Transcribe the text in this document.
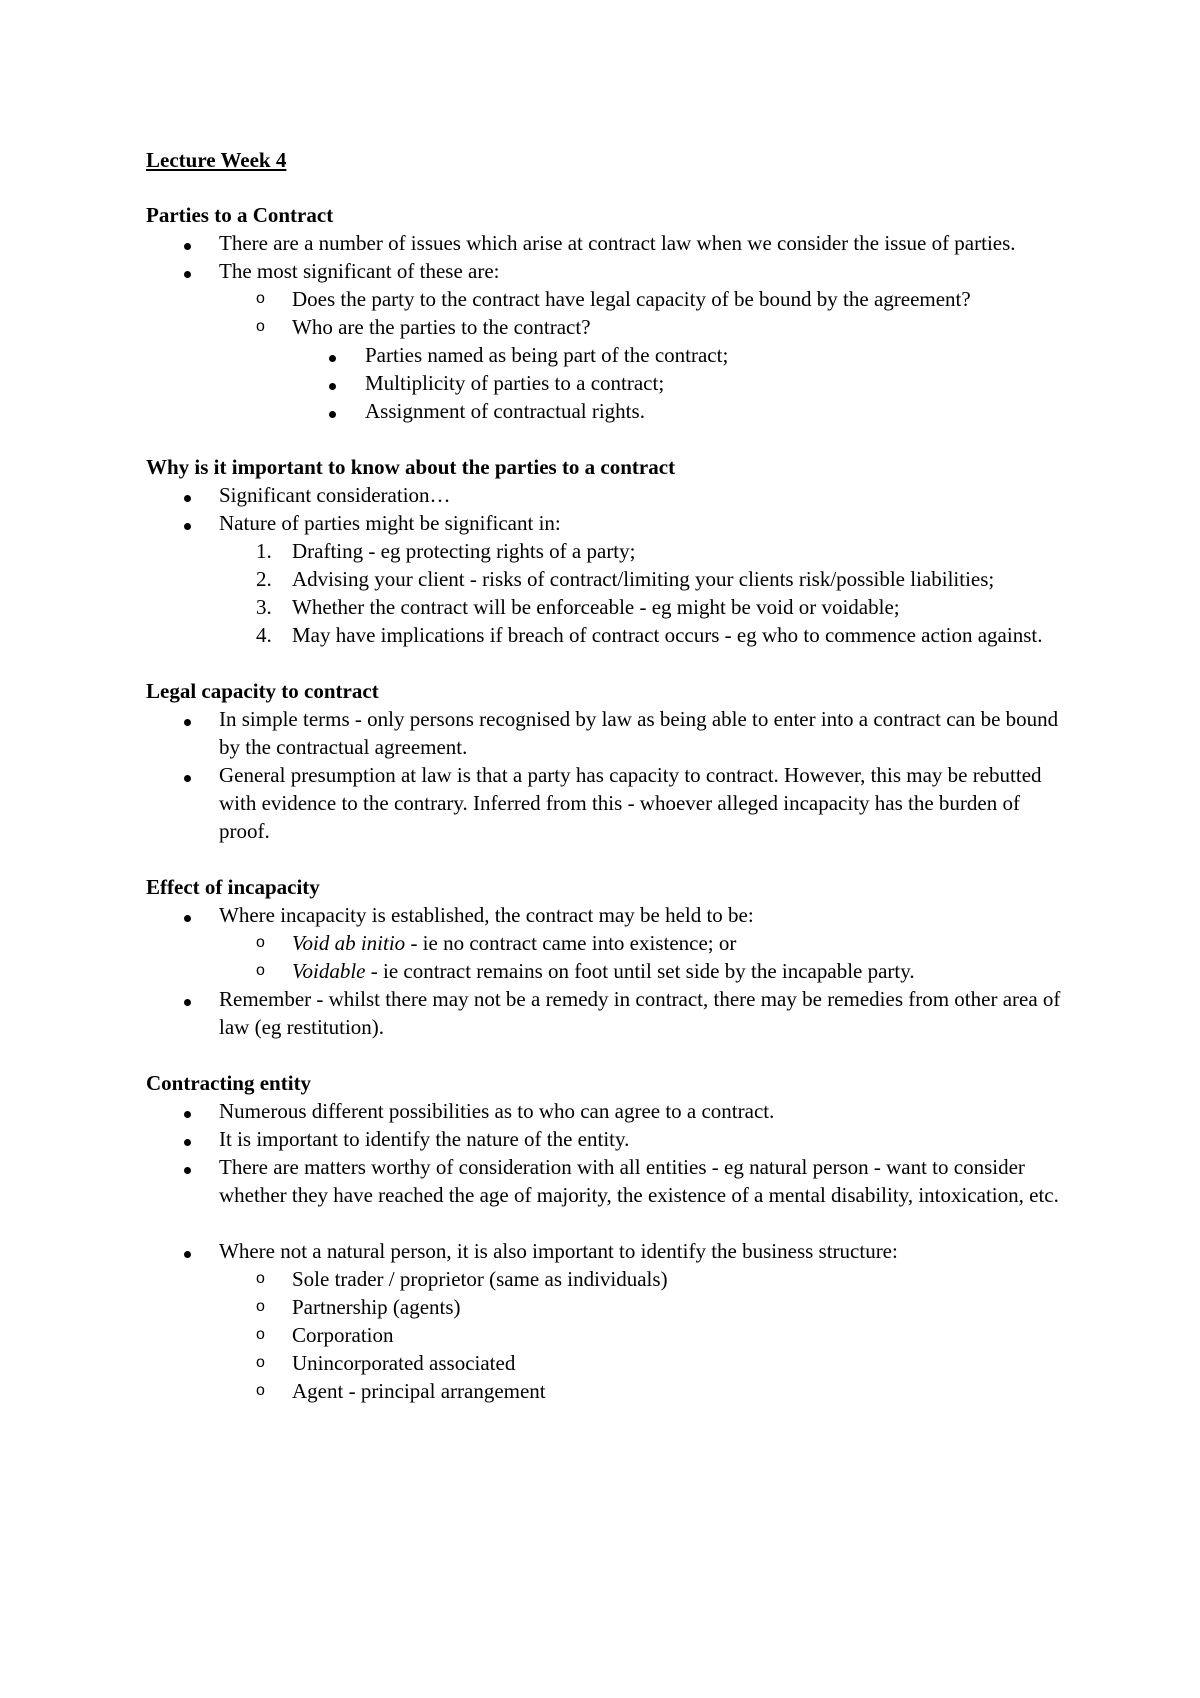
Lecture Week 4
Parties to a Contract
There are a number of issues which arise at contract law when we consider the issue of parties.
The most significant of these are:
o Does the party to the contract have legal capacity of be bound by the agreement?
o Who are the parties to the contract?
Parties named as being part of the contract;
Multiplicity of parties to a contract;
Assignment of contractual rights.
Why is it important to know about the parties to a contract
Significant consideration…
Nature of parties might be significant in:
1. Drafting - eg protecting rights of a party;
2. Advising your client - risks of contract/limiting your clients risk/possible liabilities;
3. Whether the contract will be enforceable - eg might be void or voidable;
4. May have implications if breach of contract occurs - eg who to commence action against.
Legal capacity to contract
In simple terms - only persons recognised by law as being able to enter into a contract can be bound by the contractual agreement.
General presumption at law is that a party has capacity to contract. However, this may be rebutted with evidence to the contrary. Inferred from this - whoever alleged incapacity has the burden of proof.
Effect of incapacity
Where incapacity is established, the contract may be held to be:
o Void ab initio - ie no contract came into existence; or
o Voidable - ie contract remains on foot until set side by the incapable party.
Remember - whilst there may not be a remedy in contract, there may be remedies from other area of law (eg restitution).
Contracting entity
Numerous different possibilities as to who can agree to a contract.
It is important to identify the nature of the entity.
There are matters worthy of consideration with all entities - eg natural person - want to consider whether they have reached the age of majority, the existence of a mental disability, intoxication, etc.
Where not a natural person, it is also important to identify the business structure:
o Sole trader / proprietor (same as individuals)
o Partnership (agents)
o Corporation
o Unincorporated associated
o Agent - principal arrangement
